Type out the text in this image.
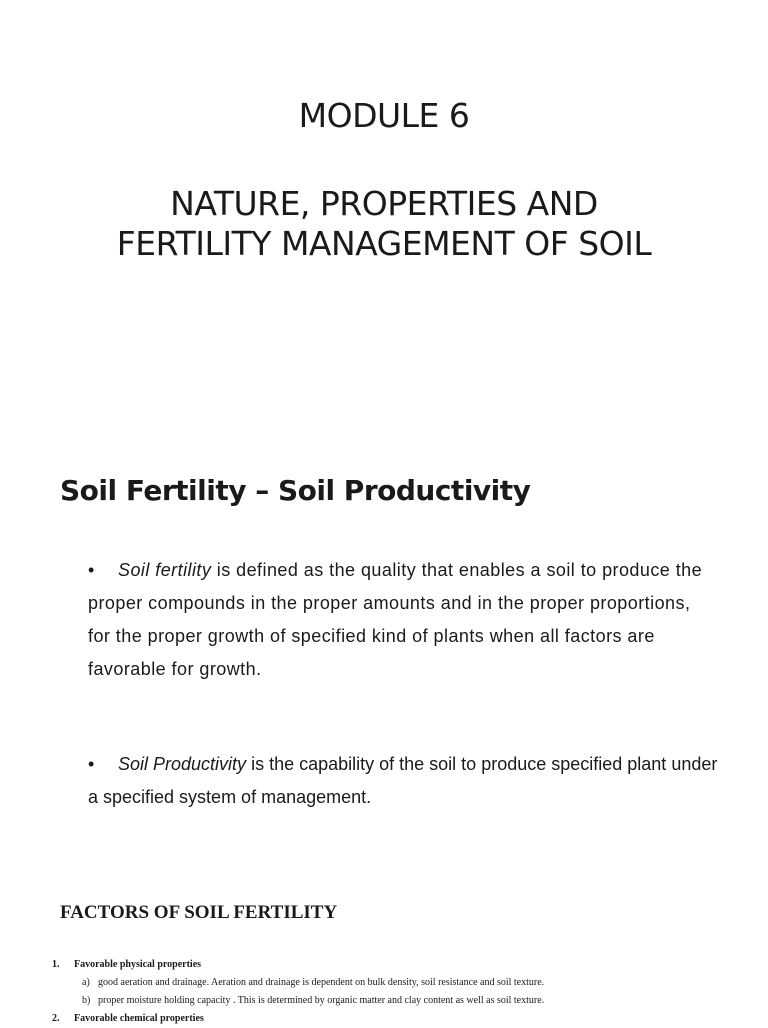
MODULE 6

NATURE, PROPERTIES AND
FERTILITY MANAGEMENT OF SOIL

Soil Fertility – Soil Productivity

• Soil fertility is defined as the quality that enables a soil to produce the proper compounds in the proper amounts and in the proper proportions, for the proper growth of specified kind of plants when all factors are favorable for growth.

• Soil Productivity is the capability of the soil to produce specified plant under a specified system of management.

FACTORS OF SOIL FERTILITY
1. Favorable physical properties
a) good aeration and drainage. Aeration and drainage is dependent on bulk density, soil resistance and soil texture.
b) proper moisture holding capacity . This is determined by organic matter and clay content as well as soil texture.
2. Favorable chemical properties
